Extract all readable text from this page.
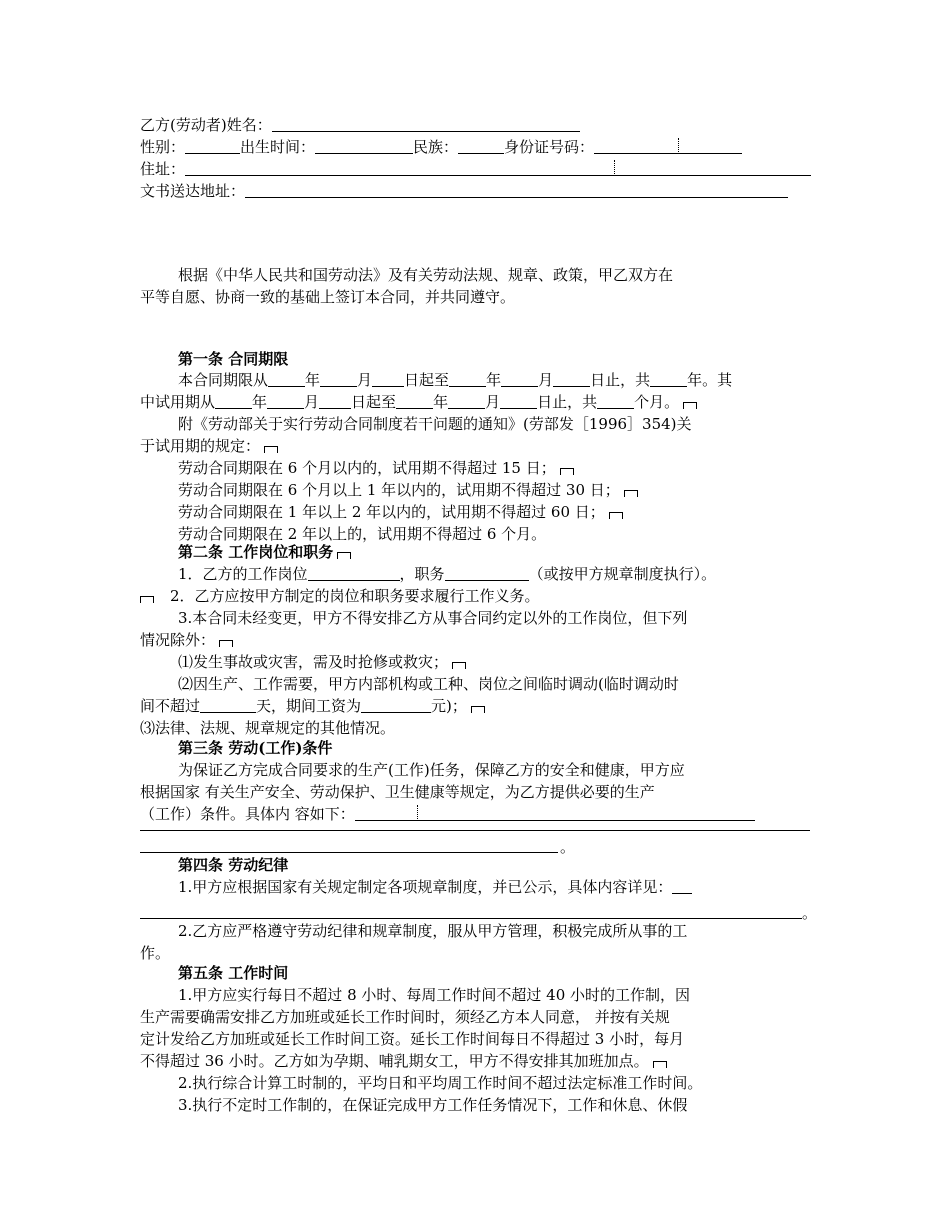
乙方(劳动者)姓名：
性别：	出生时间：	民族：	身份证号码：
住址：
文书送达地址：
根据《中华人民共和国劳动法》及有关劳动法规、规章、政策，甲乙双方在
平等自愿、协商一致的基础上签订本合同，并共同遵守。
第一条 合同期限
本合同期限从 年 月 日起至 年 月 日止，共 年。其
中试用期从 年 月 日起至 年 月 日止，共 个月。
附《劳动部关于实行劳动合同制度若干问题的通知》(劳部发［1996］354)关
于试用期的规定：
劳动合同期限在 6 个月以内的，试用期不得超过 15 日；
劳动合同期限在 6 个月以上 1 年以内的，试用期不得超过 30 日；
劳动合同期限在 1 年以上 2 年以内的，试用期不得超过 60 日；
劳动合同期限在 2 年以上的，试用期不得超过 6 个月。
第二条 工作岗位和职务
1．乙方的工作岗位	，职务	（或按甲方规章制度执行）。
2．乙方应按甲方制定的岗位和职务要求履行工作义务。
3.本合同未经变更，甲方不得安排乙方从事合同约定以外的工作岗位，但下列
情况除外：
⑴发生事故或灾害，需及时抢修或救灾；
⑵因生产、工作需要，甲方内部机构或工种、岗位之间临时调动(临时调动时
间不超过	天，期间工资为	元)；
⑶法律、法规、规章规定的其他情况。
第三条 劳动(工作)条件
为保证乙方完成合同要求的生产(工作)任务，保障乙方的安全和健康，甲方应
根据国家 有关生产安全、劳动保护、卫生健康等规定，为乙方提供必要的生产
（工作）条件。具体内 容如下：
。
第四条 劳动纪律
1.甲方应根据国家有关规定制定各项规章制度，并已公示，具体内容详见：
。
2.乙方应严格遵守劳动纪律和规章制度，服从甲方管理，积极完成所从事的工
作。
第五条 工作时间
1.甲方应实行每日不超过 8 小时、每周工作时间不超过 40 小时的工作制，因
生产需要确需安排乙方加班或延长工作时间时，须经乙方本人同意， 并按有关规
定计发给乙方加班或延长工作时间工资。延长工作时间每日不得超过 3 小时，每月
不得超过 36 小时。乙方如为孕期、哺乳期女工，甲方不得安排其加班加点。
2.执行综合计算工时制的，平均日和平均周工作时间不超过法定标准工作时间。
3.执行不定时工作制的，在保证完成甲方工作任务情况下，工作和休息、休假
